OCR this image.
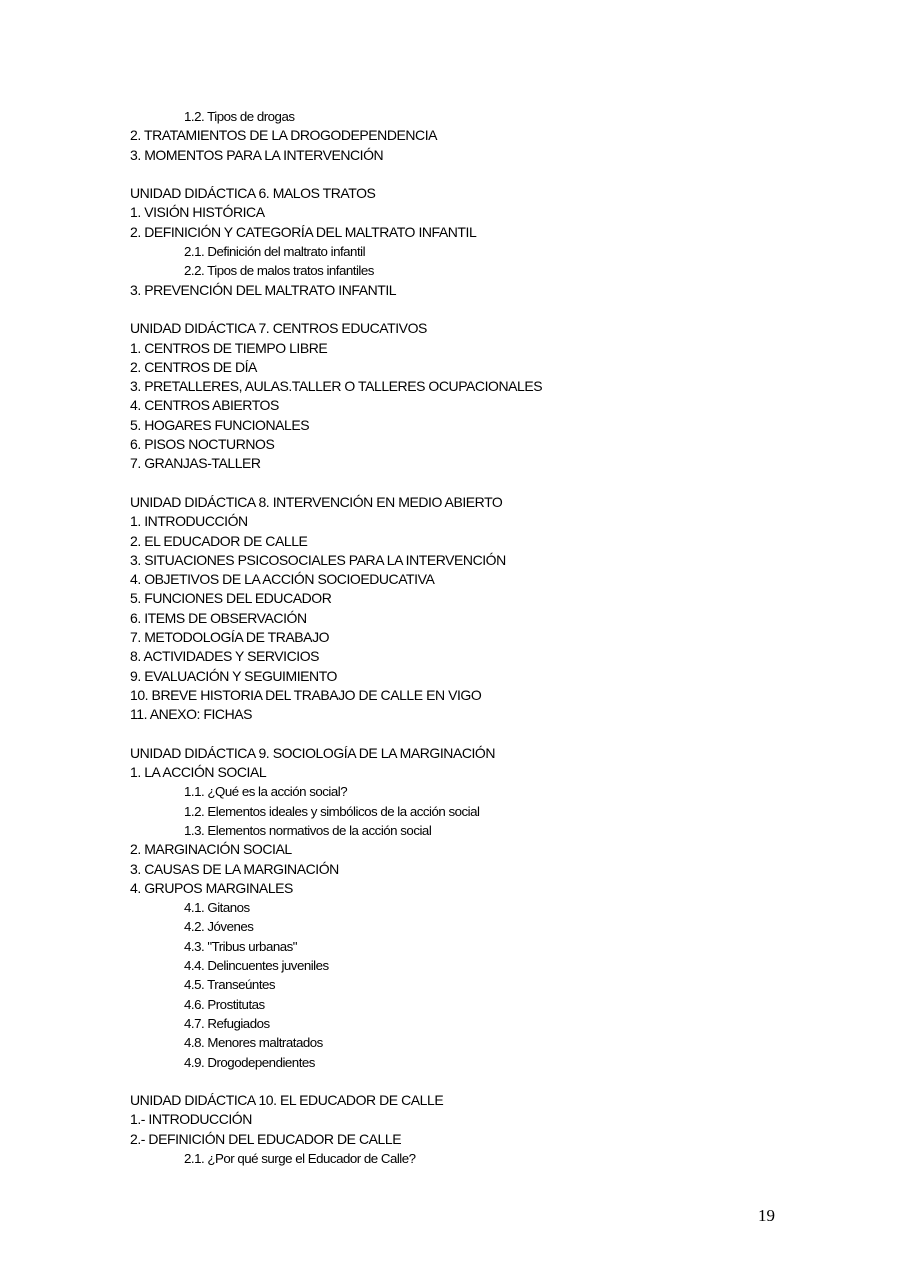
1.2. Tipos de drogas
2. TRATAMIENTOS DE LA DROGODEPENDENCIA
3. MOMENTOS PARA LA INTERVENCIÓN
UNIDAD DIDÁCTICA 6. MALOS TRATOS
1. VISIÓN HISTÓRICA
2. DEFINICIÓN Y CATEGORÍA DEL MALTRATO INFANTIL
2.1. Definición del maltrato infantil
2.2. Tipos de malos tratos infantiles
3. PREVENCIÓN DEL MALTRATO INFANTIL
UNIDAD DIDÁCTICA 7. CENTROS EDUCATIVOS
1. CENTROS DE TIEMPO LIBRE
2. CENTROS DE DÍA
3. PRETALLERES, AULAS.TALLER O TALLERES OCUPACIONALES
4. CENTROS ABIERTOS
5. HOGARES FUNCIONALES
6. PISOS NOCTURNOS
7. GRANJAS-TALLER
UNIDAD DIDÁCTICA 8. INTERVENCIÓN EN MEDIO ABIERTO
1. INTRODUCCIÓN
2. EL EDUCADOR DE CALLE
3. SITUACIONES PSICOSOCIALES PARA LA INTERVENCIÓN
4. OBJETIVOS DE LA ACCIÓN SOCIOEDUCATIVA
5. FUNCIONES DEL EDUCADOR
6. ITEMS DE OBSERVACIÓN
7. METODOLOGÍA DE TRABAJO
8. ACTIVIDADES Y SERVICIOS
9. EVALUACIÓN Y SEGUIMIENTO
10. BREVE HISTORIA DEL TRABAJO DE CALLE EN VIGO
11. ANEXO: FICHAS
UNIDAD DIDÁCTICA 9. SOCIOLOGÍA DE LA MARGINACIÓN
1. LA ACCIÓN SOCIAL
1.1. ¿Qué es la acción social?
1.2. Elementos ideales y simbólicos de la acción social
1.3. Elementos normativos de la acción social
2. MARGINACIÓN SOCIAL
3. CAUSAS DE LA MARGINACIÓN
4. GRUPOS MARGINALES
4.1. Gitanos
4.2. Jóvenes
4.3. "Tribus urbanas"
4.4. Delincuentes juveniles
4.5. Transeúntes
4.6. Prostitutas
4.7. Refugiados
4.8. Menores maltratados
4.9. Drogodependientes
UNIDAD DIDÁCTICA 10. EL EDUCADOR DE CALLE
1.- INTRODUCCIÓN
2.- DEFINICIÓN DEL EDUCADOR DE CALLE
2.1. ¿Por qué surge el Educador de Calle?
19
